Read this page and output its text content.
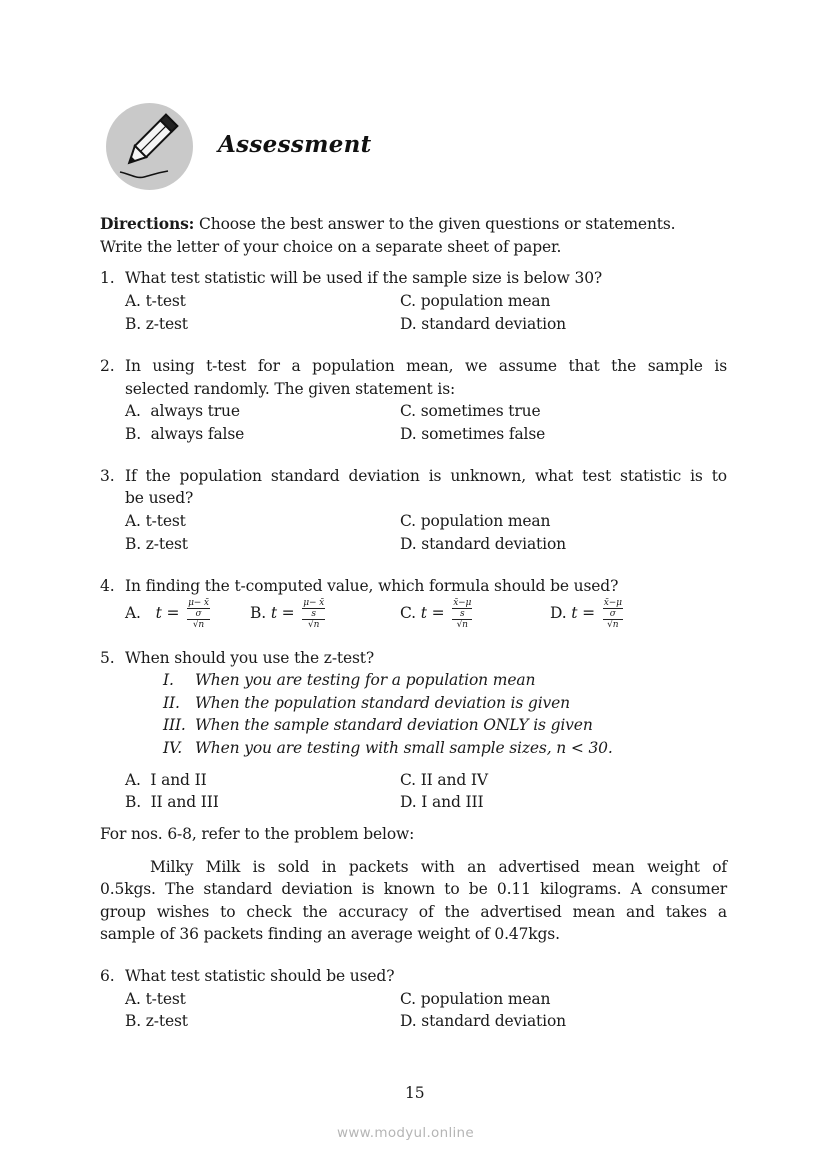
Assessment
Directions: Choose the best answer to the given questions or statements.
Write the letter of your choice on a separate sheet of paper.
1. What test statistic will be used if the sample size is below 30?
A. t-test	C. population mean
B. z-test	D. standard deviation
2. In using t-test for a population mean, we assume that the sample is
selected randomly. The given statement is:
A.  always true	C. sometimes true
B.  always false	D. sometimes false
3. If the population standard deviation is unknown, what test statistic is to
be used?
A. t-test	C. population mean
B. z-test	D. standard deviation
4. In finding the t-computed value, which formula should be used?
A. t =
μ− x̄
σ
√n
B. t =
μ− x̄
s
√n
C. t =
x̄−μ
s
√n
D. t =
x̄−μ
σ
√n
5. When should you use the z-test?
I. When you are testing for a population mean
II. When the population standard deviation is given
III. When the sample standard deviation ONLY is given
IV. When you are testing with small sample sizes, n < 30.
A.  I and II	C. II and IV
B.  II and III	D. I and III
For nos. 6-8, refer to the problem below:
Milky Milk is sold in packets with an advertised mean weight of
0.5kgs. The standard deviation is known to be 0.11 kilograms. A consumer
group wishes to check the accuracy of the advertised mean and takes a
sample of 36 packets finding an average weight of 0.47kgs.
6. What test statistic should be used?
A. t-test	C. population mean
B. z-test	D. standard deviation
15
www.modyul.online
